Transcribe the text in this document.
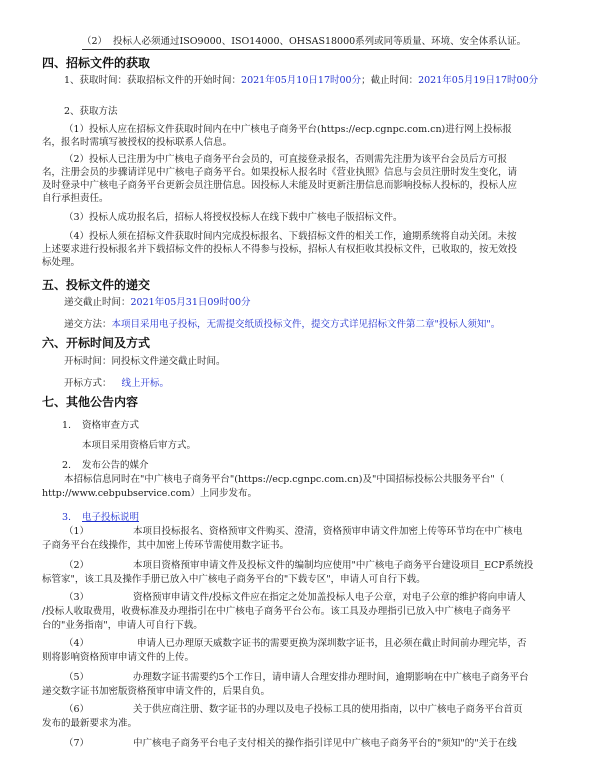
（2） 投标人必须通过ISO9000、ISO14000、OHSAS18000系列或同等质量、环境、安全体系认证。
四、招标文件的获取
1、获取时间：获取招标文件的开始时间：2021年05月10日17时00分；截止时间：2021年05月19日17时00分
2、获取方法
（1）投标人应在招标文件获取时间内在中广核电子商务平台(https://ecp.cgnpc.com.cn)进行网上投标报
名，报名时需填写被授权的投标联系人信息。
（2）投标人已注册为中广核电子商务平台会员的，可直接登录报名，否则需先注册为该平台会员后方可报
名，注册会员的步骤请详见中广核电子商务平台。如果投标人报名时《营业执照》信息与会员注册时发生变化，请
及时登录中广核电子商务平台更新会员注册信息。因投标人未能及时更新注册信息而影响投标人投标的，投标人应
自行承担责任。
（3）投标人成功报名后，招标人将授权投标人在线下载中广核电子版招标文件。
（4）投标人须在招标文件获取时间内完成投标报名、下载招标文件的相关工作，逾期系统将自动关闭。未按
上述要求进行投标报名并下载招标文件的投标人不得参与投标，招标人有权拒收其投标文件，已收取的，按无效投
标处理。
五、投标文件的递交
递交截止时间：2021年05月31日09时00分
递交方法：本项目采用电子投标，无需提交纸质投标文件，提交方式详见招标文件第二章"投标人须知"。
六、开标时间及方式
开标时间：同投标文件递交截止时间。
开标方式： 线上开标。
七、其他公告内容
1. 资格审查方式
本项目采用资格后审方式。
2. 发布公告的媒介
本招标信息同时在"中广核电子商务平台"(https://ecp.cgnpc.com.cn)及"中国招标投标公共服务平台"（
http://www.cebpubservice.com）上同步发布。
3. 电子投标说明
（1）	本项目投标报名、资格预审文件购买、澄清，资格预审申请文件加密上传等环节均在中广核电
子商务平台在线操作，其中加密上传环节需使用数字证书。
（2）	本项目资格预审申请文件及投标文件的编制均应使用"中广核电子商务平台建设项目_ECP系统投
标管家"，该工具及操作手册已放入中广核电子商务平台的"下载专区"，申请人可自行下载。
（3）	资格预审申请文件/投标文件应在指定之处加盖投标人电子公章，对电子公章的维护将向申请人
/投标人收取费用，收费标准及办理指引在中广核电子商务平台公布。该工具及办理指引已放入中广核电子商务平
台的"业务指南"，申请人可自行下载。
（4）	申请人已办理原天威数字证书的需要更换为深圳数字证书，且必须在截止时间前办理完毕，否
则将影响资格预审申请文件的上传。
（5）	办理数字证书需要约5个工作日，请申请人合理安排办理时间，逾期影响在中广核电子商务平台
递交数字证书加密版资格预审申请文件的，后果自负。
（6）	关于供应商注册、数字证书的办理以及电子投标工具的使用指南，以中广核电子商务平台首页
发布的最新要求为准。
（7）	中广核电子商务平台电子支付相关的操作指引详见中广核电子商务平台的"须知"的"关于在线
